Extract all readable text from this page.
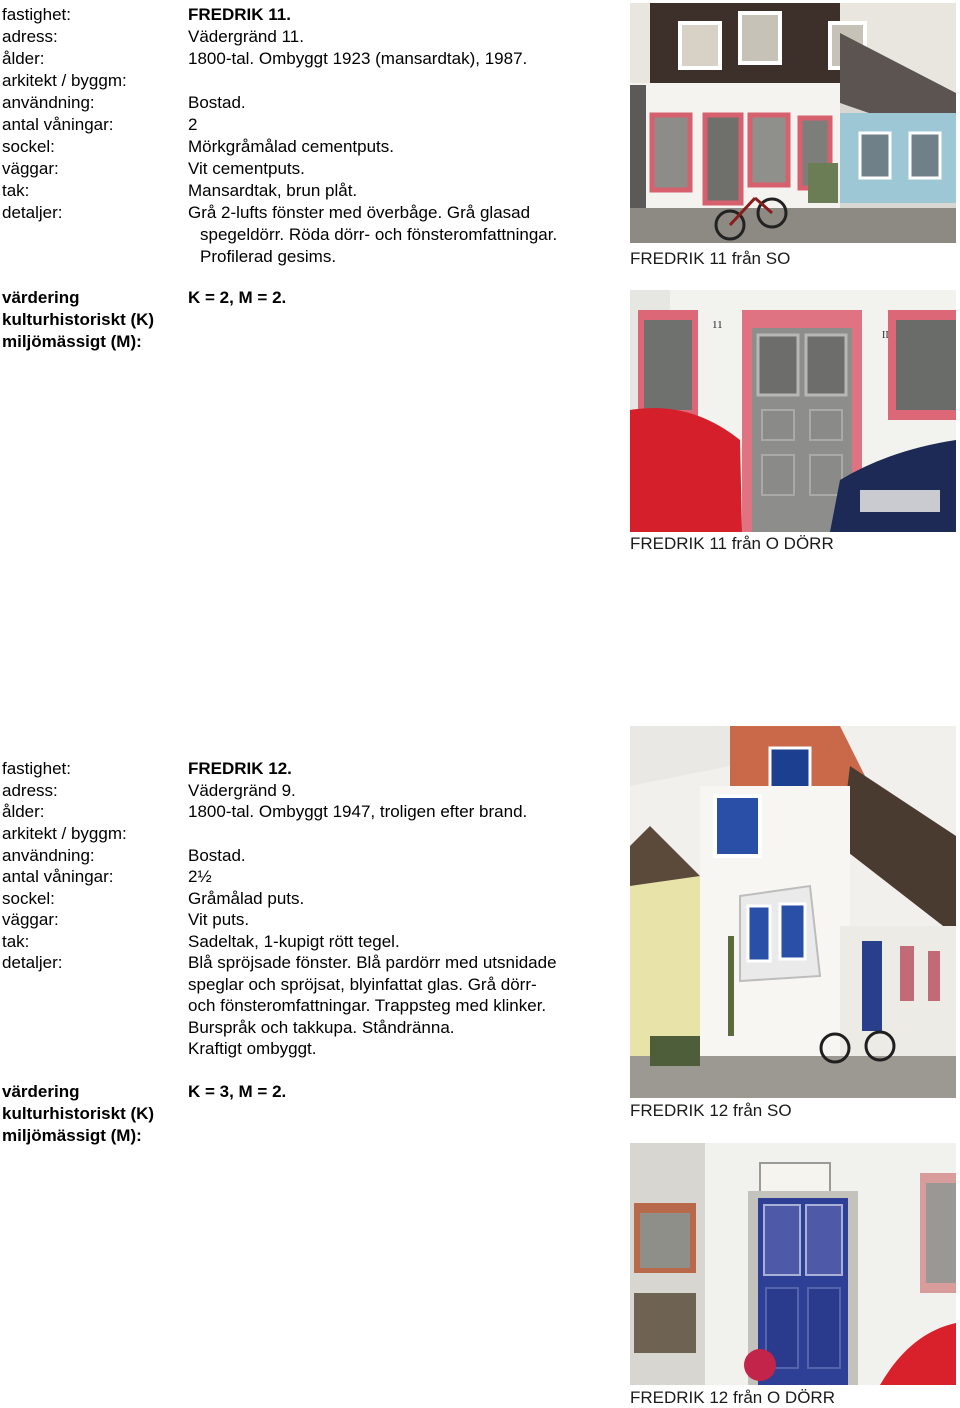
fastighet:	FREDRIK 11.
adress:	Vädergränd 11.
ålder:	1800-tal. Ombyggt 1923 (mansardtak), 1987.
arkitekt / byggm:
användning:	Bostad.
antal våningar:	2
sockel:	Mörkgråmålad cementputs.
väggar:	Vit cementputs.
tak:	Mansardtak, brun plåt.
detaljer:	Grå 2-lufts fönster med överbåge. Grå glasad
spegeldörr. Röda dörr- och fönsteromfattningar.
Profilerad gesims.
värdering
kulturhistoriskt (K)
miljömässigt (M):
K = 2, M = 2.
FREDRIK 11 från SO
11
II
FREDRIK 11 från O DÖRR
fastighet:	FREDRIK 12.
adress:	Vädergränd 9.
ålder:	1800-tal. Ombyggt 1947, troligen efter brand.
arkitekt / byggm:
användning:	Bostad.
antal våningar:	2½
sockel:	Gråmålad puts.
väggar:	Vit puts.
tak:	Sadeltak, 1-kupigt rött tegel.
detaljer:	Blå spröjsade fönster. Blå pardörr med utsnidade
speglar och spröjsat, blyinfattat glas. Grå dörr-
och fönsteromfattningar. Trappsteg med klinker.
Burspråk och takkupa. Ståndränna.
Kraftigt ombyggt.
värdering
kulturhistoriskt (K)
miljömässigt (M):
K = 3, M = 2.
FREDRIK 12 från SO
FREDRIK 12 från O DÖRR
